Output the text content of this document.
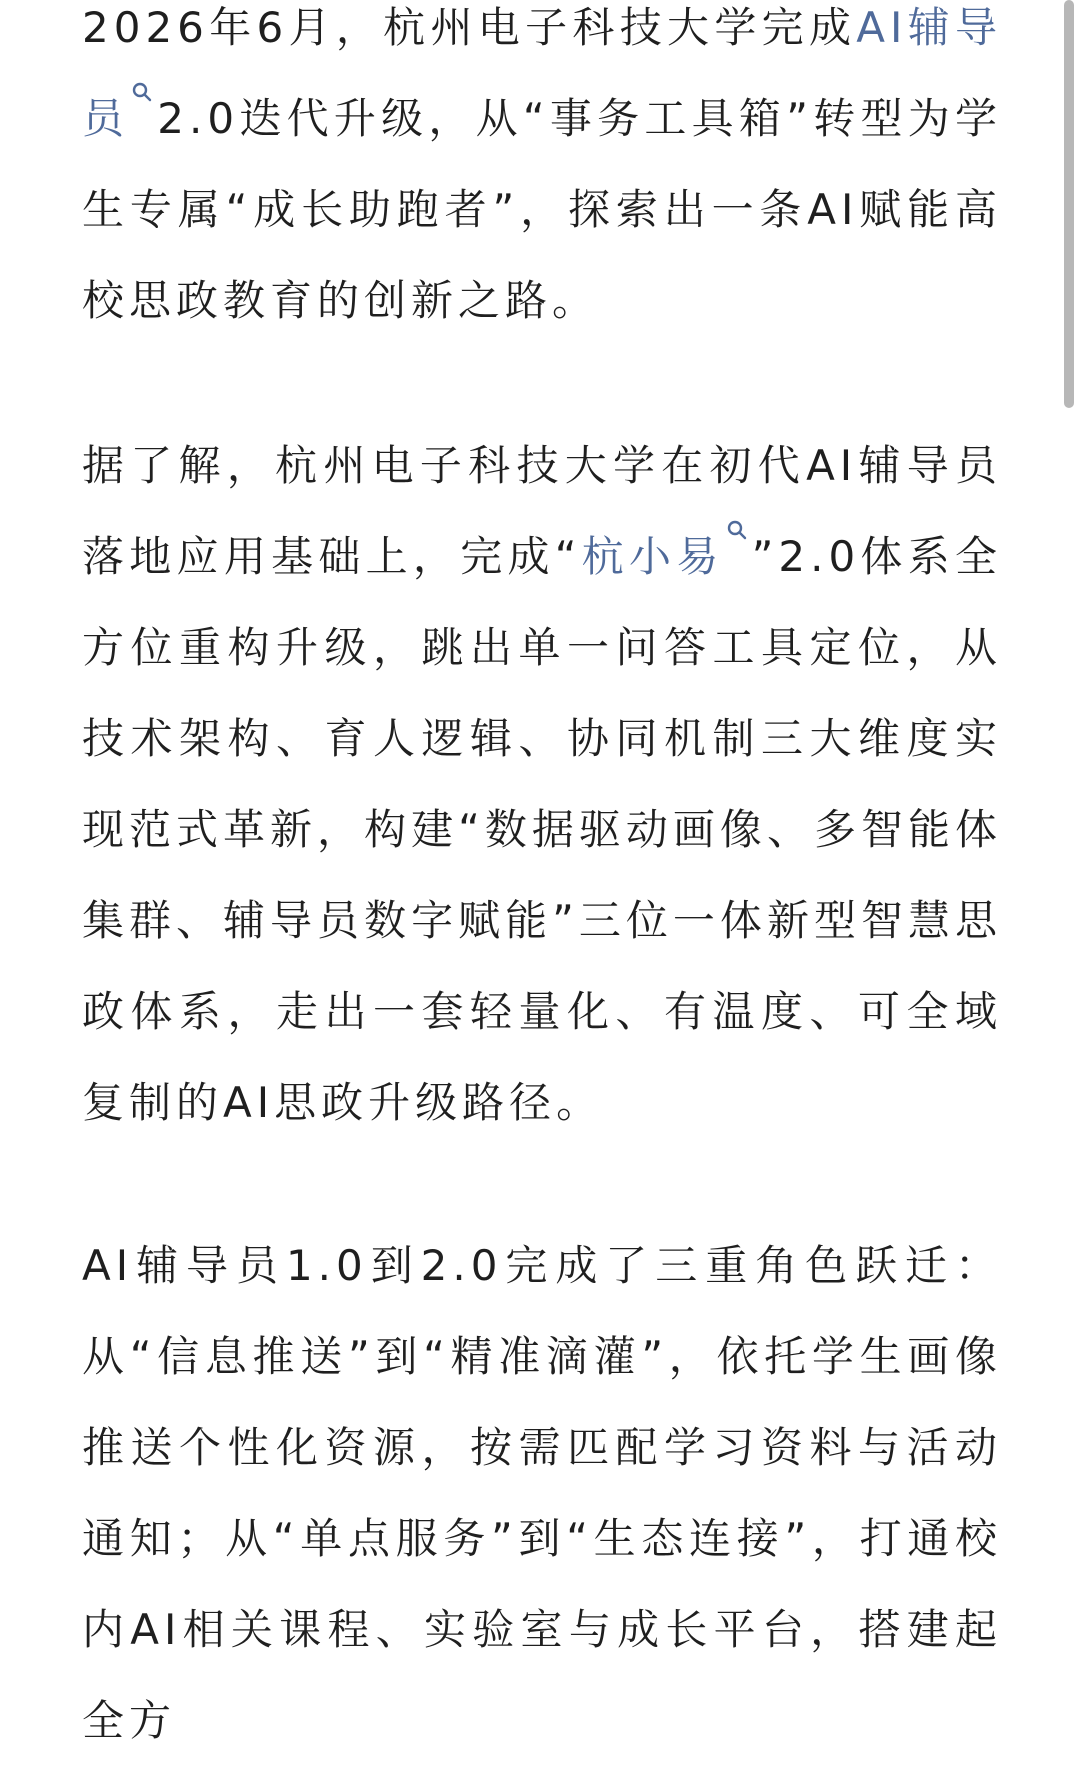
2026年6月，杭州电子科技大学完成AI辅导员 2.0迭代升级，从“事务工具箱”转型为学生专属“成长助跑者”，探索出一条AI赋能高校思政教育的创新之路。

据了解，杭州电子科技大学在初代AI辅导员落地应用基础上，完成“杭小易 ”2.0体系全方位重构升级，跳出单一问答工具定位，从技术架构、育人逻辑、协同机制三大维度实现范式革新，构建“数据驱动画像、多智能体集群、辅导员数字赋能”三位一体新型智慧思政体系，走出一套轻量化、有温度、可全域复制的AI思政升级路径。

AI辅导员1.0到2.0完成了三重角色跃迁：从“信息推送”到“精准滴灌”，依托学生画像推送个性化资源，按需匹配学习资料与活动通知；从“单点服务”到“生态连接”，打通校内AI相关课程、实验室与成长平台，搭建起全方
